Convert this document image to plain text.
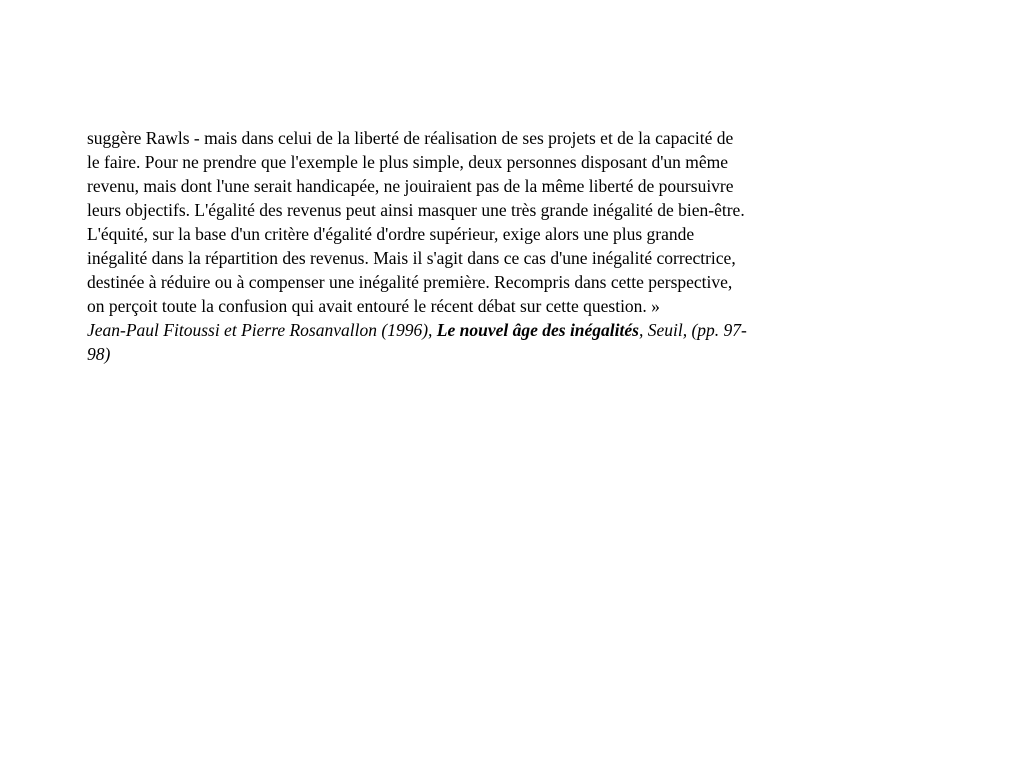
suggère Rawls - mais dans celui de la liberté de réalisation de ses projets et de la capacité de
le faire. Pour ne prendre que l'exemple le plus simple, deux personnes disposant d'un même
revenu, mais dont l'une serait handicapée, ne jouiraient pas de la même liberté de poursuivre
leurs objectifs. L'égalité des revenus peut ainsi masquer une très grande inégalité de bien-être.
L'équité, sur la base d'un critère d'égalité d'ordre supérieur, exige alors une plus grande
inégalité dans la répartition des revenus. Mais il s'agit dans ce cas d'une inégalité correctrice,
destinée à réduire ou à compenser une inégalité première. Recompris dans cette perspective,
on perçoit toute la confusion qui avait entouré le récent débat sur cette question. »
Jean-Paul Fitoussi et Pierre Rosanvallon (1996), Le nouvel âge des inégalités, Seuil, (pp. 97-
98)
